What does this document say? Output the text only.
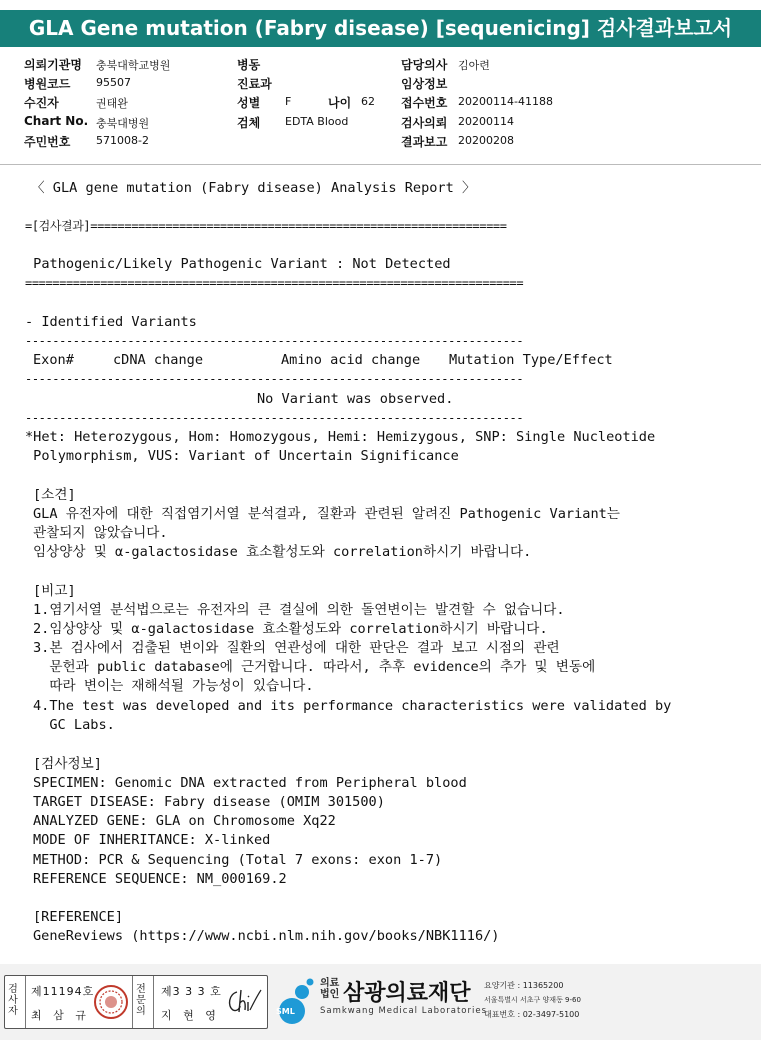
GLA Gene mutation (Fabry disease) [sequenicing] 검사결과보고서
의뢰기관명 충북대학교병원
병원코드 95507
수진자	권태완
Chart No. 충북대병원
주민번호 571008-2
병동
진료과
성별 F	나이 62
검체 EDTA Blood
담당의사 김아련
임상정보
접수번호 20200114-41188
검사의뢰 20200114
결과보고 20200208
〈 GLA gene mutation (Fabry disease) Analysis Report 〉
=[검사결과]=============================================================
Pathogenic/Likely Pathogenic Variant : Not Detected
=========================================================================
- Identified Variants
-------------------------------------------------------------------------
Exon#	cDNA change	Amino acid change Mutation Type/Effect
-------------------------------------------------------------------------
No Variant was observed.
-------------------------------------------------------------------------
*Het: Heterozygous, Hom: Homozygous, Hemi: Hemizygous, SNP: Single Nucleotide
Polymorphism, VUS: Variant of Uncertain Significance
[소견]
GLA 유전자에 대한 직접염기서열 분석결과, 질환과 관련된 알려진 Pathogenic Variant는
관찰되지 않았습니다.
임상양상 및 α-galactosidase 효소활성도와 correlation하시기 바랍니다.
[비고]
1.염기서열 분석법으로는 유전자의 큰 결실에 의한 돌연변이는 발견할 수 없습니다.
2.임상양상 및 α-galactosidase 효소활성도와 correlation하시기 바랍니다.
3.본 검사에서 검출된 변이와 질환의 연관성에 대한 판단은 결과 보고 시점의 관련
문헌과 public database에 근거합니다. 따라서, 추후 evidence의 추가 및 변동에
따라 변이는 재해석될 가능성이 있습니다.
4.The test was developed and its performance characteristics were validated by
GC Labs.
[검사정보]
SPECIMEN: Genomic DNA extracted from Peripheral blood
TARGET DISEASE: Fabry disease (OMIM 301500)
ANALYZED GENE: GLA on Chromosome Xq22
MODE OF INHERITANCE: X-linked
METHOD: PCR & Sequencing (Total 7 exons: exon 1-7)
REFERENCE SEQUENCE: NM_000169.2
[REFERENCE]
GeneReviews (https://www.ncbi.nlm.nih.gov/books/NBK1116/)
검사자
제11194호
최 삼 규
전문의
제3 3 3 호
지 현 영	SML
의료
법인 삼광의료재단
Samkwang Medical Laboratories
요양기관 : 11365200
서울특별시 서초구 양재동 9-60
대표번호 : 02-3497-5100
